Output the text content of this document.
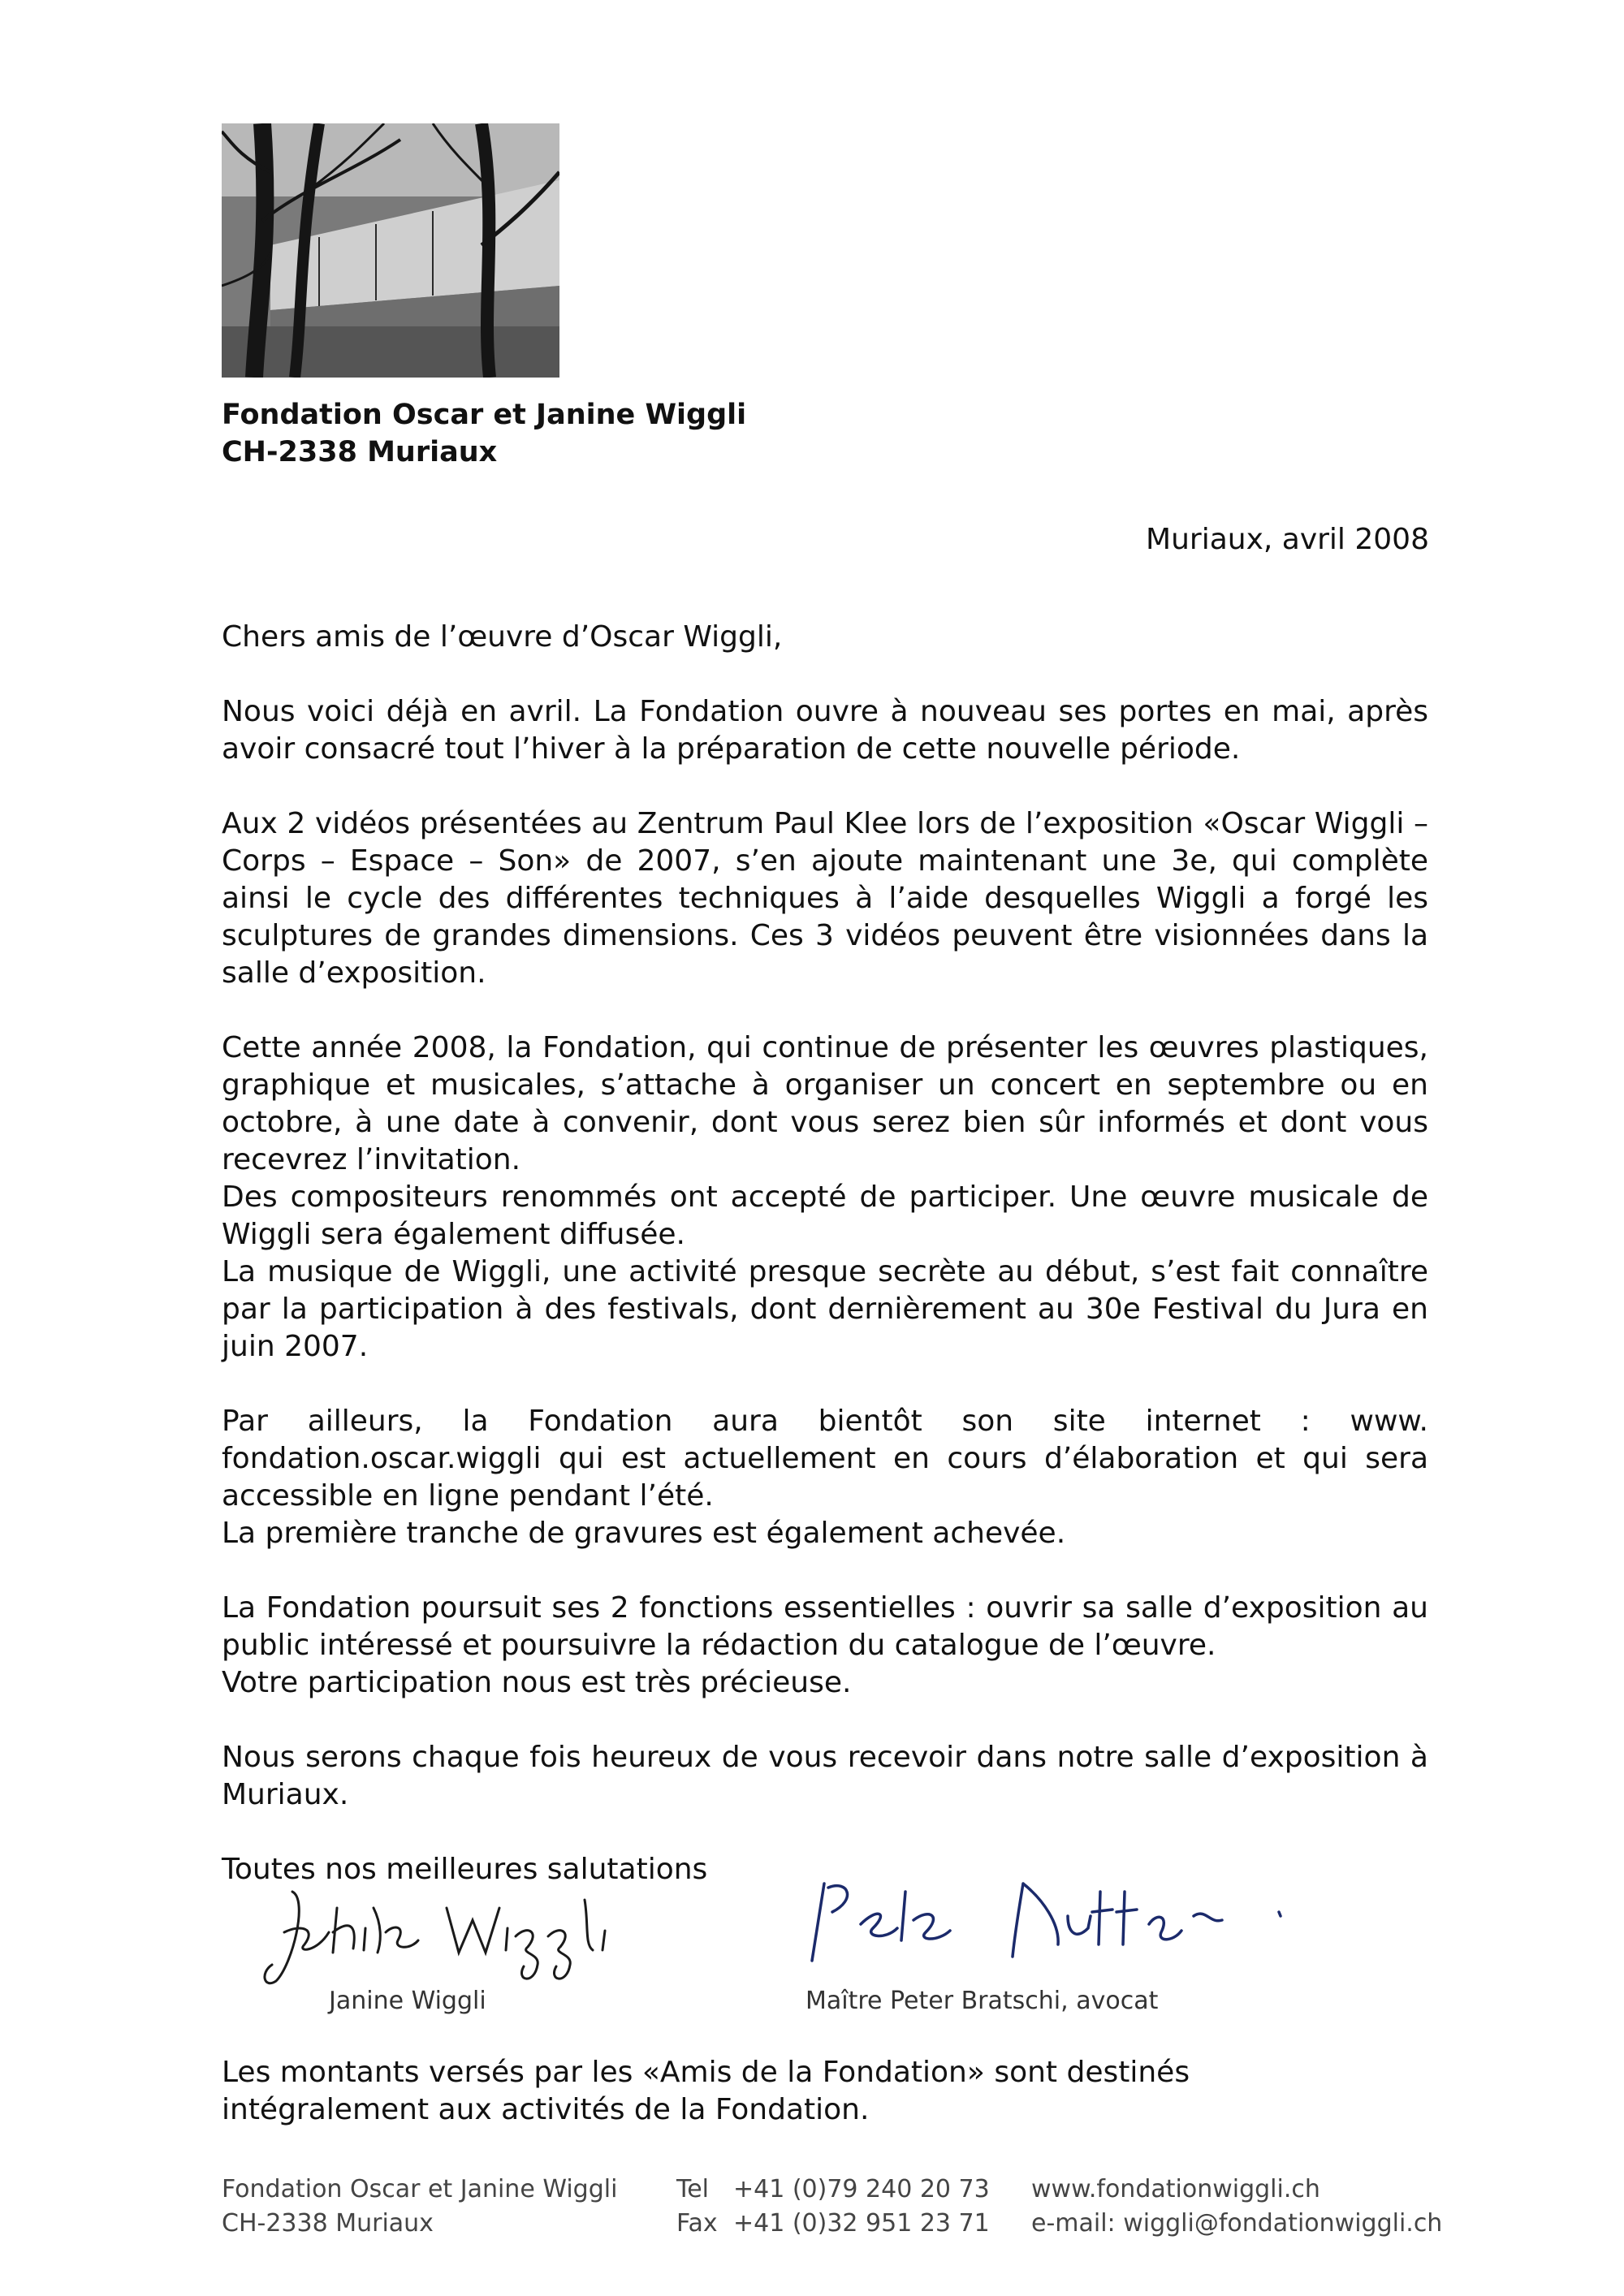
Fondation Oscar et Janine Wiggli
CH-2338 Muriaux
Muriaux, avril 2008

Chers amis de l’œuvre d’Oscar Wiggli,

Nous voici déjà en avril. La Fondation ouvre à nouveau ses portes en mai, après avoir consacré tout l’hiver à la préparation de cette nouvelle période.

Aux 2 vidéos présentées au Zentrum Paul Klee lors de l’exposition «Oscar Wiggli – Corps – Espace – Son» de 2007, s’en ajoute maintenant une 3e, qui complète ainsi le cycle des différentes techniques à l’aide desquelles Wiggli a forgé les sculptures de grandes dimensions. Ces 3 vidéos peuvent être visionnées dans la salle d’exposition.

Cette année 2008, la Fondation, qui continue de présenter les œuvres plastiques, graphique et musicales, s’attache à organiser un concert en septembre ou en octobre, à une date à convenir, dont vous serez bien sûr informés et dont vous recevrez l’invitation.

Des compositeurs renommés ont accepté de participer. Une œuvre musicale de Wiggli sera également diffusée.

La musique de Wiggli, une activité presque secrète au début, s’est fait connaître par la participation à des festivals, dont dernièrement au 30e Festival du Jura en juin 2007.

Par ailleurs, la Fondation aura bientôt son site internet : www. fondation.oscar.wiggli qui est actuellement en cours d’élaboration et qui sera accessible en ligne pendant l’été.

La première tranche de gravures est également achevée.

La Fondation poursuit ses 2 fonctions essentielles : ouvrir sa salle d’exposition au public intéressé et poursuivre la rédaction du catalogue de l’œuvre.

Votre participation nous est très précieuse.

Nous serons chaque fois heureux de vous recevoir dans notre salle d’exposition à Muriaux.

Toutes nos meilleures salutations

Janine Wiggli	Maître Peter Bratschi, avocat
Les montants versés par les «Amis de la Fondation» sont destinés
intégralement aux activités de la Fondation.
Fondation Oscar et Janine Wiggli
CH-2338 Muriaux
Tel
Fax
+41 (0)79 240 20 73
+41 (0)32 951 23 71
www.fondationwiggli.ch
e-mail: wiggli@fondationwiggli.ch
